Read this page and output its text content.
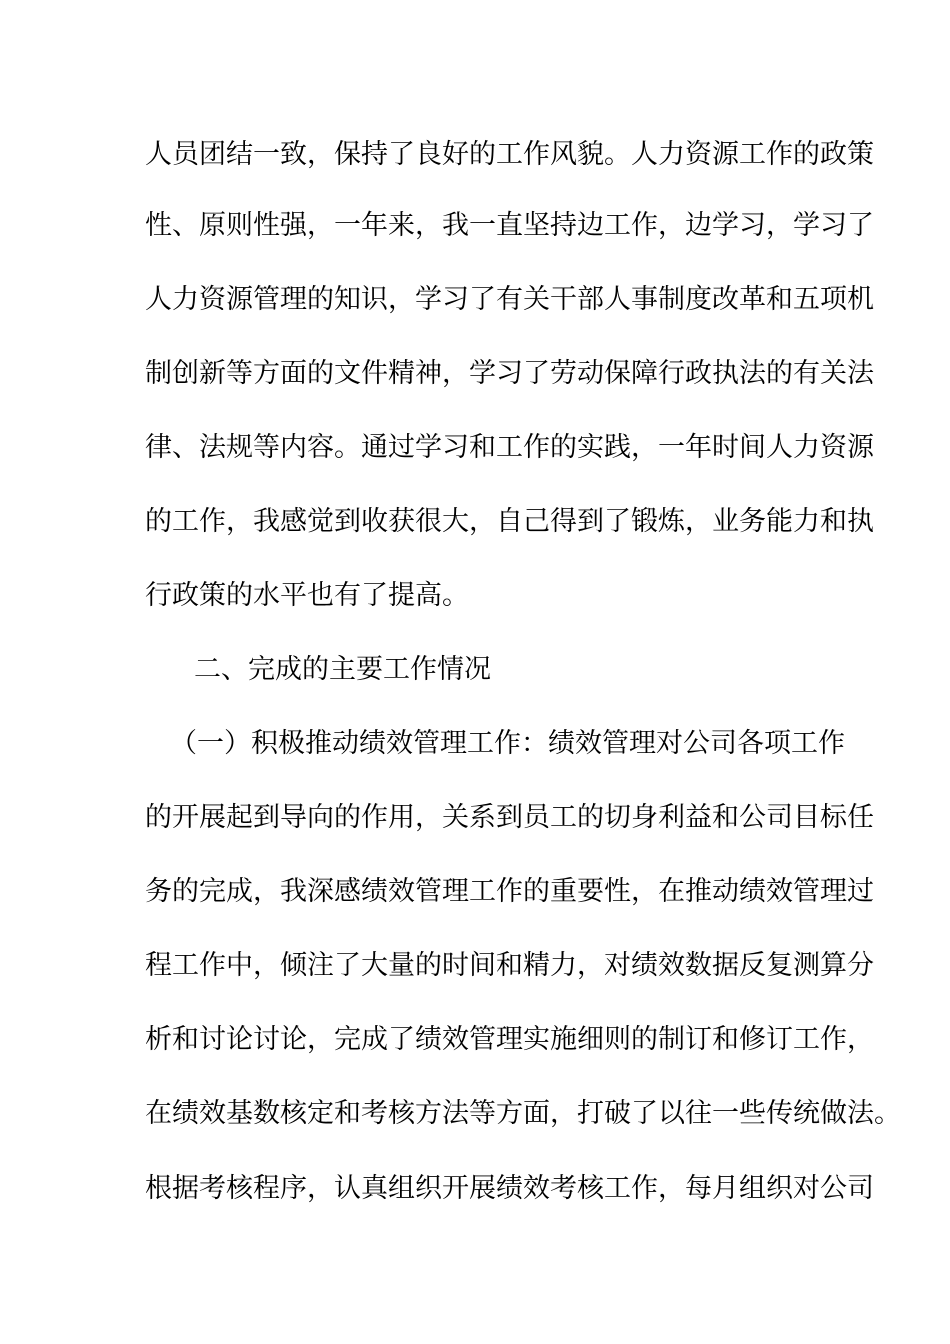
人员团结一致，保持了良好的工作风貌。人力资源工作的政策
性、原则性强，一年来，我一直坚持边工作，边学习，学习了
人力资源管理的知识，学习了有关干部人事制度改革和五项机
制创新等方面的文件精神，学习了劳动保障行政执法的有关法
律、法规等内容。通过学习和工作的实践，一年时间人力资源
的工作，我感觉到收获很大，自己得到了锻炼，业务能力和执
行政策的水平也有了提高。
二、完成的主要工作情况
（一）积极推动绩效管理工作：绩效管理对公司各项工作
的开展起到导向的作用，关系到员工的切身利益和公司目标任
务的完成，我深感绩效管理工作的重要性，在推动绩效管理过
程工作中，倾注了大量的时间和精力，对绩效数据反复测算分
析和讨论讨论，完成了绩效管理实施细则的制订和修订工作，
在绩效基数核定和考核方法等方面，打破了以往一些传统做法。
根据考核程序，认真组织开展绩效考核工作，每月组织对公司
